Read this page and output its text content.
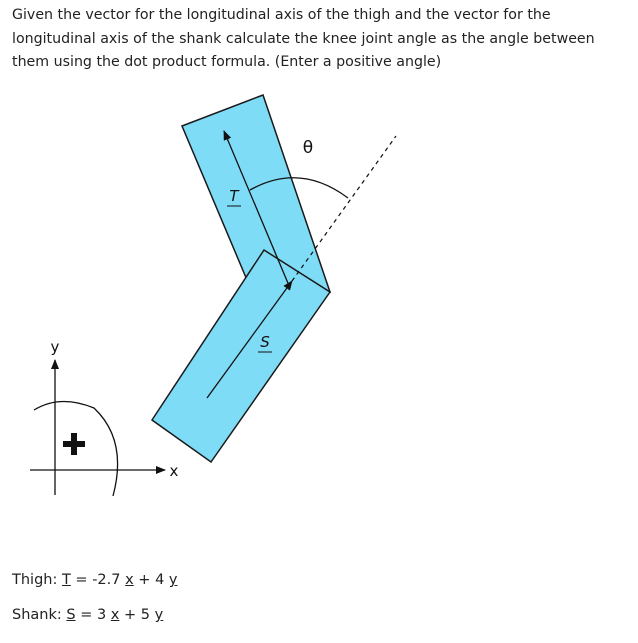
Given the vector for the longitudinal axis of the thigh and the vector for the longitudinal axis of the shank calculate the knee joint angle as the angle between them using the dot product formula. (Enter a positive angle)

θ
T
S
y
x
Thigh: T = -2.7 x + 4 y
Shank: S = 3 x + 5 y
